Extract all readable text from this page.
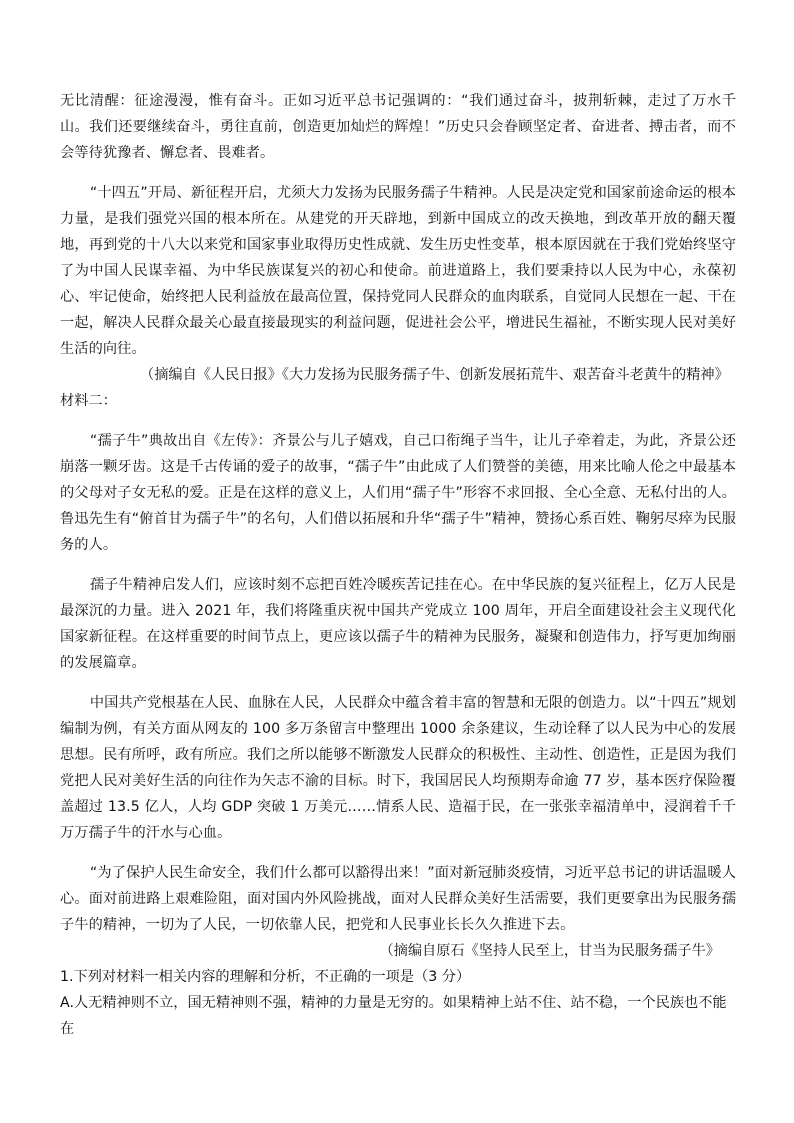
无比清醒：征途漫漫，惟有奋斗。正如习近平总书记强调的：“我们通过奋斗，披荆斩棘，走过了万水千山。我们还要继续奋斗，勇往直前，创造更加灿烂的辉煌！”历史只会眷顾坚定者、奋进者、搏击者，而不会等待犹豫者、懈怠者、畏难者。

“十四五”开局、新征程开启，尤须大力发扬为民服务孺子牛精神。人民是决定党和国家前途命运的根本力量，是我们强党兴国的根本所在。从建党的开天辟地，到新中国成立的改天换地，到改革开放的翻天覆地，再到党的十八大以来党和国家事业取得历史性成就、发生历史性变革，根本原因就在于我们党始终坚守了为中国人民谋幸福、为中华民族谋复兴的初心和使命。前进道路上，我们要秉持以人民为中心，永葆初心、牢记使命，始终把人民利益放在最高位置，保持党同人民群众的血肉联系，自觉同人民想在一起、干在一起，解决人民群众最关心最直接最现实的利益问题，促进社会公平，增进民生福祉，不断实现人民对美好生活的向往。

（摘编自《人民日报》《大力发扬为民服务孺子牛、创新发展拓荒牛、艰苦奋斗老黄牛的精神》

材料二：

“孺子牛”典故出自《左传》：齐景公与儿子嬉戏，自己口衔绳子当牛，让儿子牵着走，为此，齐景公还崩落一颗牙齿。这是千古传诵的爱子的故事，“孺子牛”由此成了人们赞誉的美德，用来比喻人伦之中最基本的父母对子女无私的爱。正是在这样的意义上，人们用“孺子牛”形容不求回报、全心全意、无私付出的人。鲁迅先生有“俯首甘为孺子牛”的名句，人们借以拓展和升华“孺子牛”精神，赞扬心系百姓、鞠躬尽瘁为民服务的人。

孺子牛精神启发人们，应该时刻不忘把百姓冷暖疾苦记挂在心。在中华民族的复兴征程上，亿万人民是最深沉的力量。进入 2021 年，我们将隆重庆祝中国共产党成立 100 周年，开启全面建设社会主义现代化国家新征程。在这样重要的时间节点上，更应该以孺子牛的精神为民服务，凝聚和创造伟力，抒写更加绚丽的发展篇章。

中国共产党根基在人民、血脉在人民，人民群众中蕴含着丰富的智慧和无限的创造力。以“十四五”规划编制为例，有关方面从网友的 100 多万条留言中整理出 1000 余条建议，生动诠释了以人民为中心的发展思想。民有所呼，政有所应。我们之所以能够不断激发人民群众的积极性、主动性、创造性，正是因为我们党把人民对美好生活的向往作为矢志不渝的目标。时下，我国居民人均预期寿命逾 77 岁，基本医疗保险覆盖超过 13.5 亿人，人均 GDP 突破 1 万美元……情系人民、造福于民，在一张张幸福清单中，浸润着千千万万孺子牛的汗水与心血。

“为了保护人民生命安全，我们什么都可以豁得出来！”面对新冠肺炎疫情，习近平总书记的讲话温暖人心。面对前进路上艰难险阻，面对国内外风险挑战，面对人民群众美好生活需要，我们更要拿出为民服务孺子牛的精神，一切为了人民，一切依靠人民，把党和人民事业长长久久推进下去。

（摘编自原石《坚持人民至上，甘当为民服务孺子牛》

1.下列对材料一相关内容的理解和分析，不正确的一项是（3 分）

A.人无精神则不立，国无精神则不强，精神的力量是无穷的。如果精神上站不住、站不稳，一个民族也不能在
